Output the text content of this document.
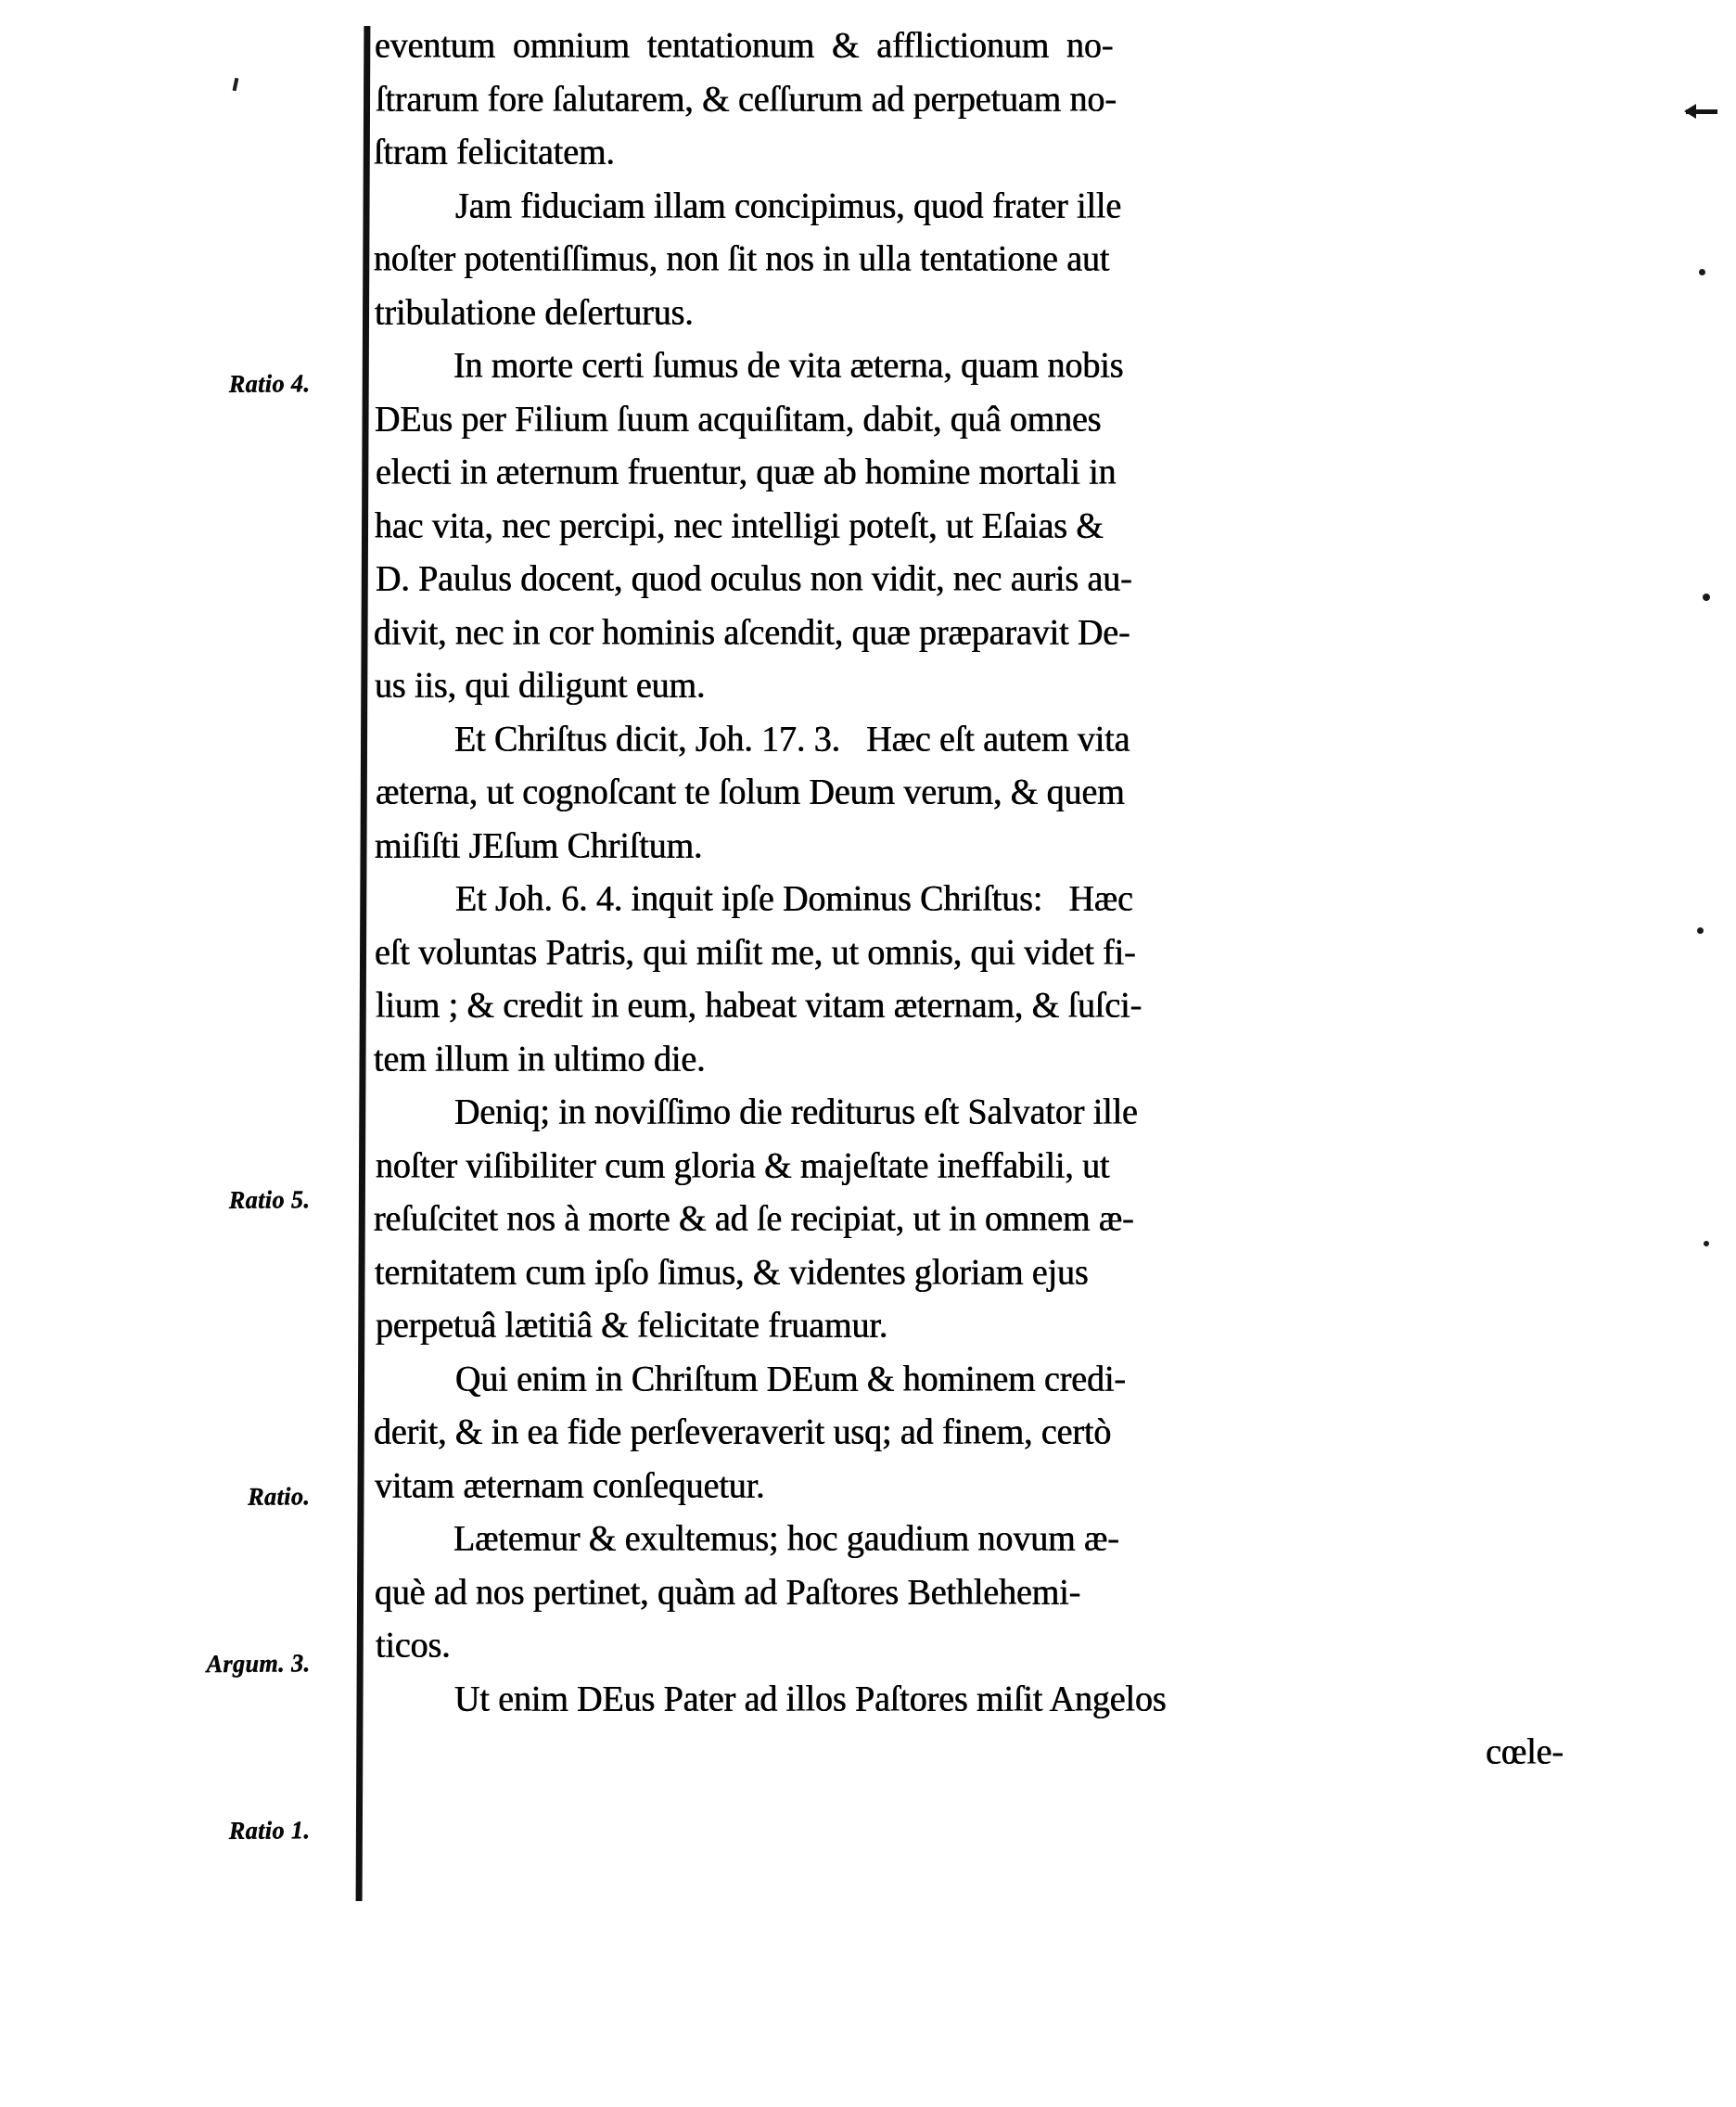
Ratio 4.
Ratio 5.
Ratio.
Argum. 3.
Ratio 1.
eventum  omnium  tentationum  &  afflictionum  no-
ſtrarum fore ſalutarem, & ceſſurum ad perpetuam no-
ſtram felicitatem.
Jam fiduciam illam concipimus, quod frater ille
noſter potentiſſimus, non ſit nos in ulla tentatione aut
tribulatione deſerturus.
In morte certi ſumus de vita æterna, quam nobis
DEus per Filium ſuum acquiſitam, dabit, quâ omnes
electi in æternum fruentur, quæ ab homine mortali in
hac vita, nec percipi, nec intelligi poteſt, ut Eſaias &
D. Paulus docent, quod oculus non vidit, nec auris au-
divit, nec in cor hominis aſcendit, quæ præparavit De-
us iis, qui diligunt eum.
Et Chriſtus dicit, Joh. 17. 3.   Hæc eſt autem vita
æterna, ut cognoſcant te ſolum Deum verum, & quem
miſiſti JEſum Chriſtum.
Et Joh. 6. 4. inquit ipſe Dominus Chriſtus:   Hæc
eſt voluntas Patris, qui miſit me, ut omnis, qui videt fi-
lium ; & credit in eum, habeat vitam æternam, & ſuſci-
tem illum in ultimo die.
Deniq; in noviſſimo die rediturus eſt Salvator ille
noſter viſibiliter cum gloria & majeſtate ineffabili, ut
reſuſcitet nos à morte & ad ſe recipiat, ut in omnem æ-
ternitatem cum ipſo ſimus, & videntes gloriam ejus
perpetuâ lætitiâ & felicitate fruamur.
Qui enim in Chriſtum DEum & hominem credi-
derit, & in ea fide perſeveraverit usq; ad finem, certò
vitam æternam conſequetur.
Lætemur & exultemus; hoc gaudium novum æ-
què ad nos pertinet, quàm ad Paſtores Bethlehemi-
ticos.
Ut enim DEus Pater ad illos Paſtores miſit Angelos
cœle-
